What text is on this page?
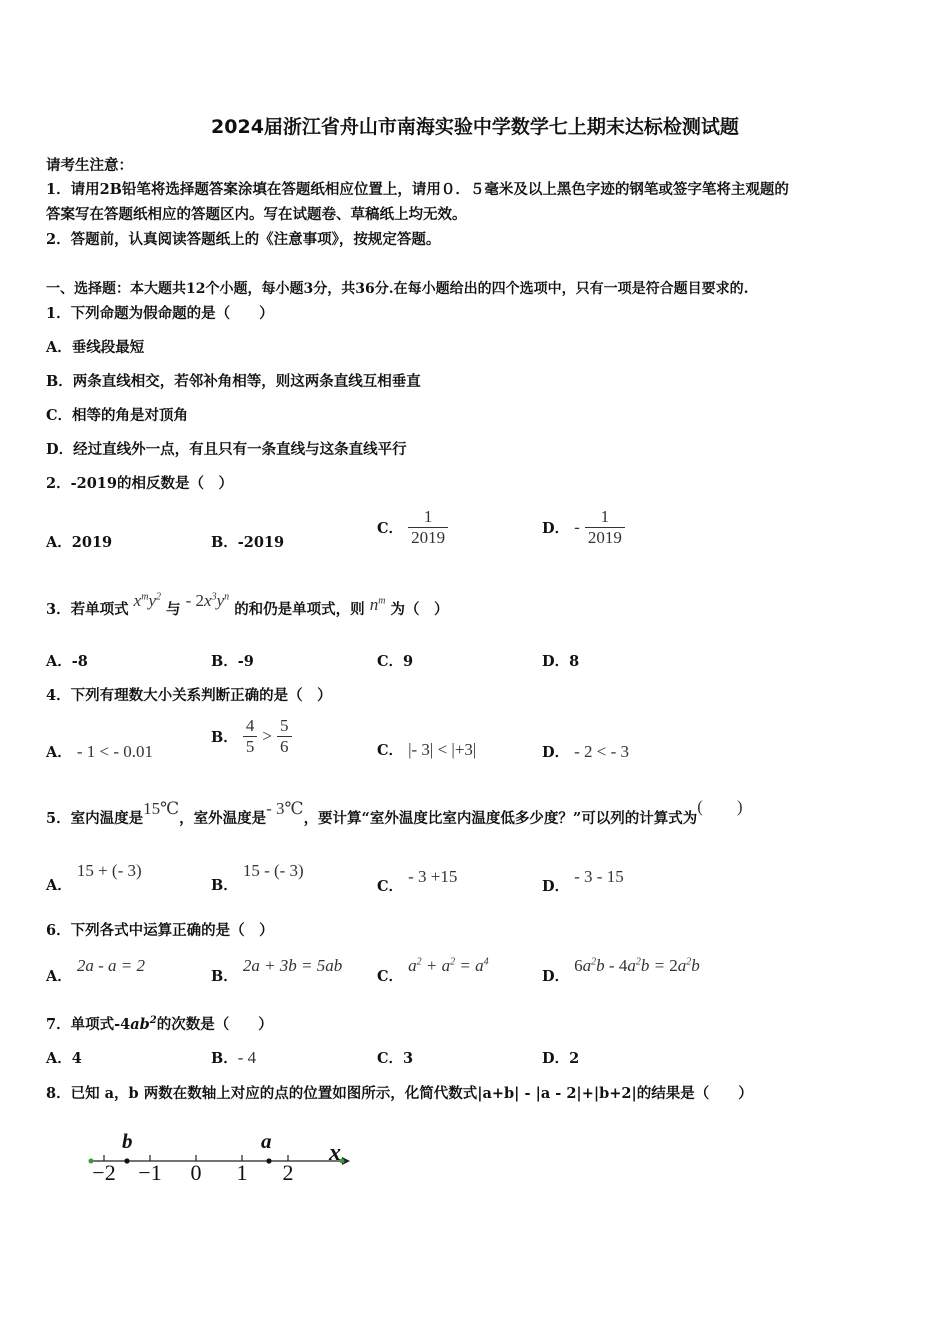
2024届浙江省舟山市南海实验中学数学七上期末达标检测试题
请考生注意：
1．请用2B铅笔将选择题答案涂填在答题纸相应位置上，请用０．５毫米及以上黑色字迹的钢笔或签字笔将主观题的
答案写在答题纸相应的答题区内。写在试题卷、草稿纸上均无效。
2．答题前，认真阅读答题纸上的《注意事项》，按规定答题。
一、选择题：本大题共12个小题，每小题3分，共36分.在每小题给出的四个选项中，只有一项是符合题目要求的.
1．下列命题为假命题的是（　　）
A．垂线段最短
B．两条直线相交，若邻补角相等，则这两条直线互相垂直
C．相等的角是对顶角
D．经过直线外一点，有且只有一条直线与这条直线平行
2．-2019的相反数是（　）
A．2019	B．-2019
C． $\frac{1}{2019}$	D． - $\frac{1}{2019}$
3．若单项式 $x^my^2$ 与 - $2x^3y^n$ 的和仍是单项式，则 $n^m$ 为（　）
A．-8	B．-9	C．9	D．8
4．下列有理数大小关系判断正确的是（　）
A． - 1 < - 0.01
B． $\frac{4}{5} > \frac{5}{6}$	C． |- 3| < |+3|	D． - 2 < - 3
5．室内温度是15℃，室外温度是- 3℃，要计算“室外温度比室内温度低多少度？”可以列的计算式为(　　)
A． 15 + (- 3)
B． 15 - (- 3)
C． - 3 +15
D． - 3 - 15
6．下列各式中运算正确的是（　）
A． 2a - a = 2
B． 2a + 3b = 5ab
C． $a^2 + a^2 = a^4$
D． $6a^2b - 4a^2b = 2a^2b$
7．单项式$-4ab^2$的次数是（　　）
A．4	B．- 4	C．3	D．2
8．已知 a，b 两数在数轴上对应的点的位置如图所示，化简代数式|a+b| - |a - 2|+|b+2|的结果是（　　）
b	a x
−2 −1 0 1 2
